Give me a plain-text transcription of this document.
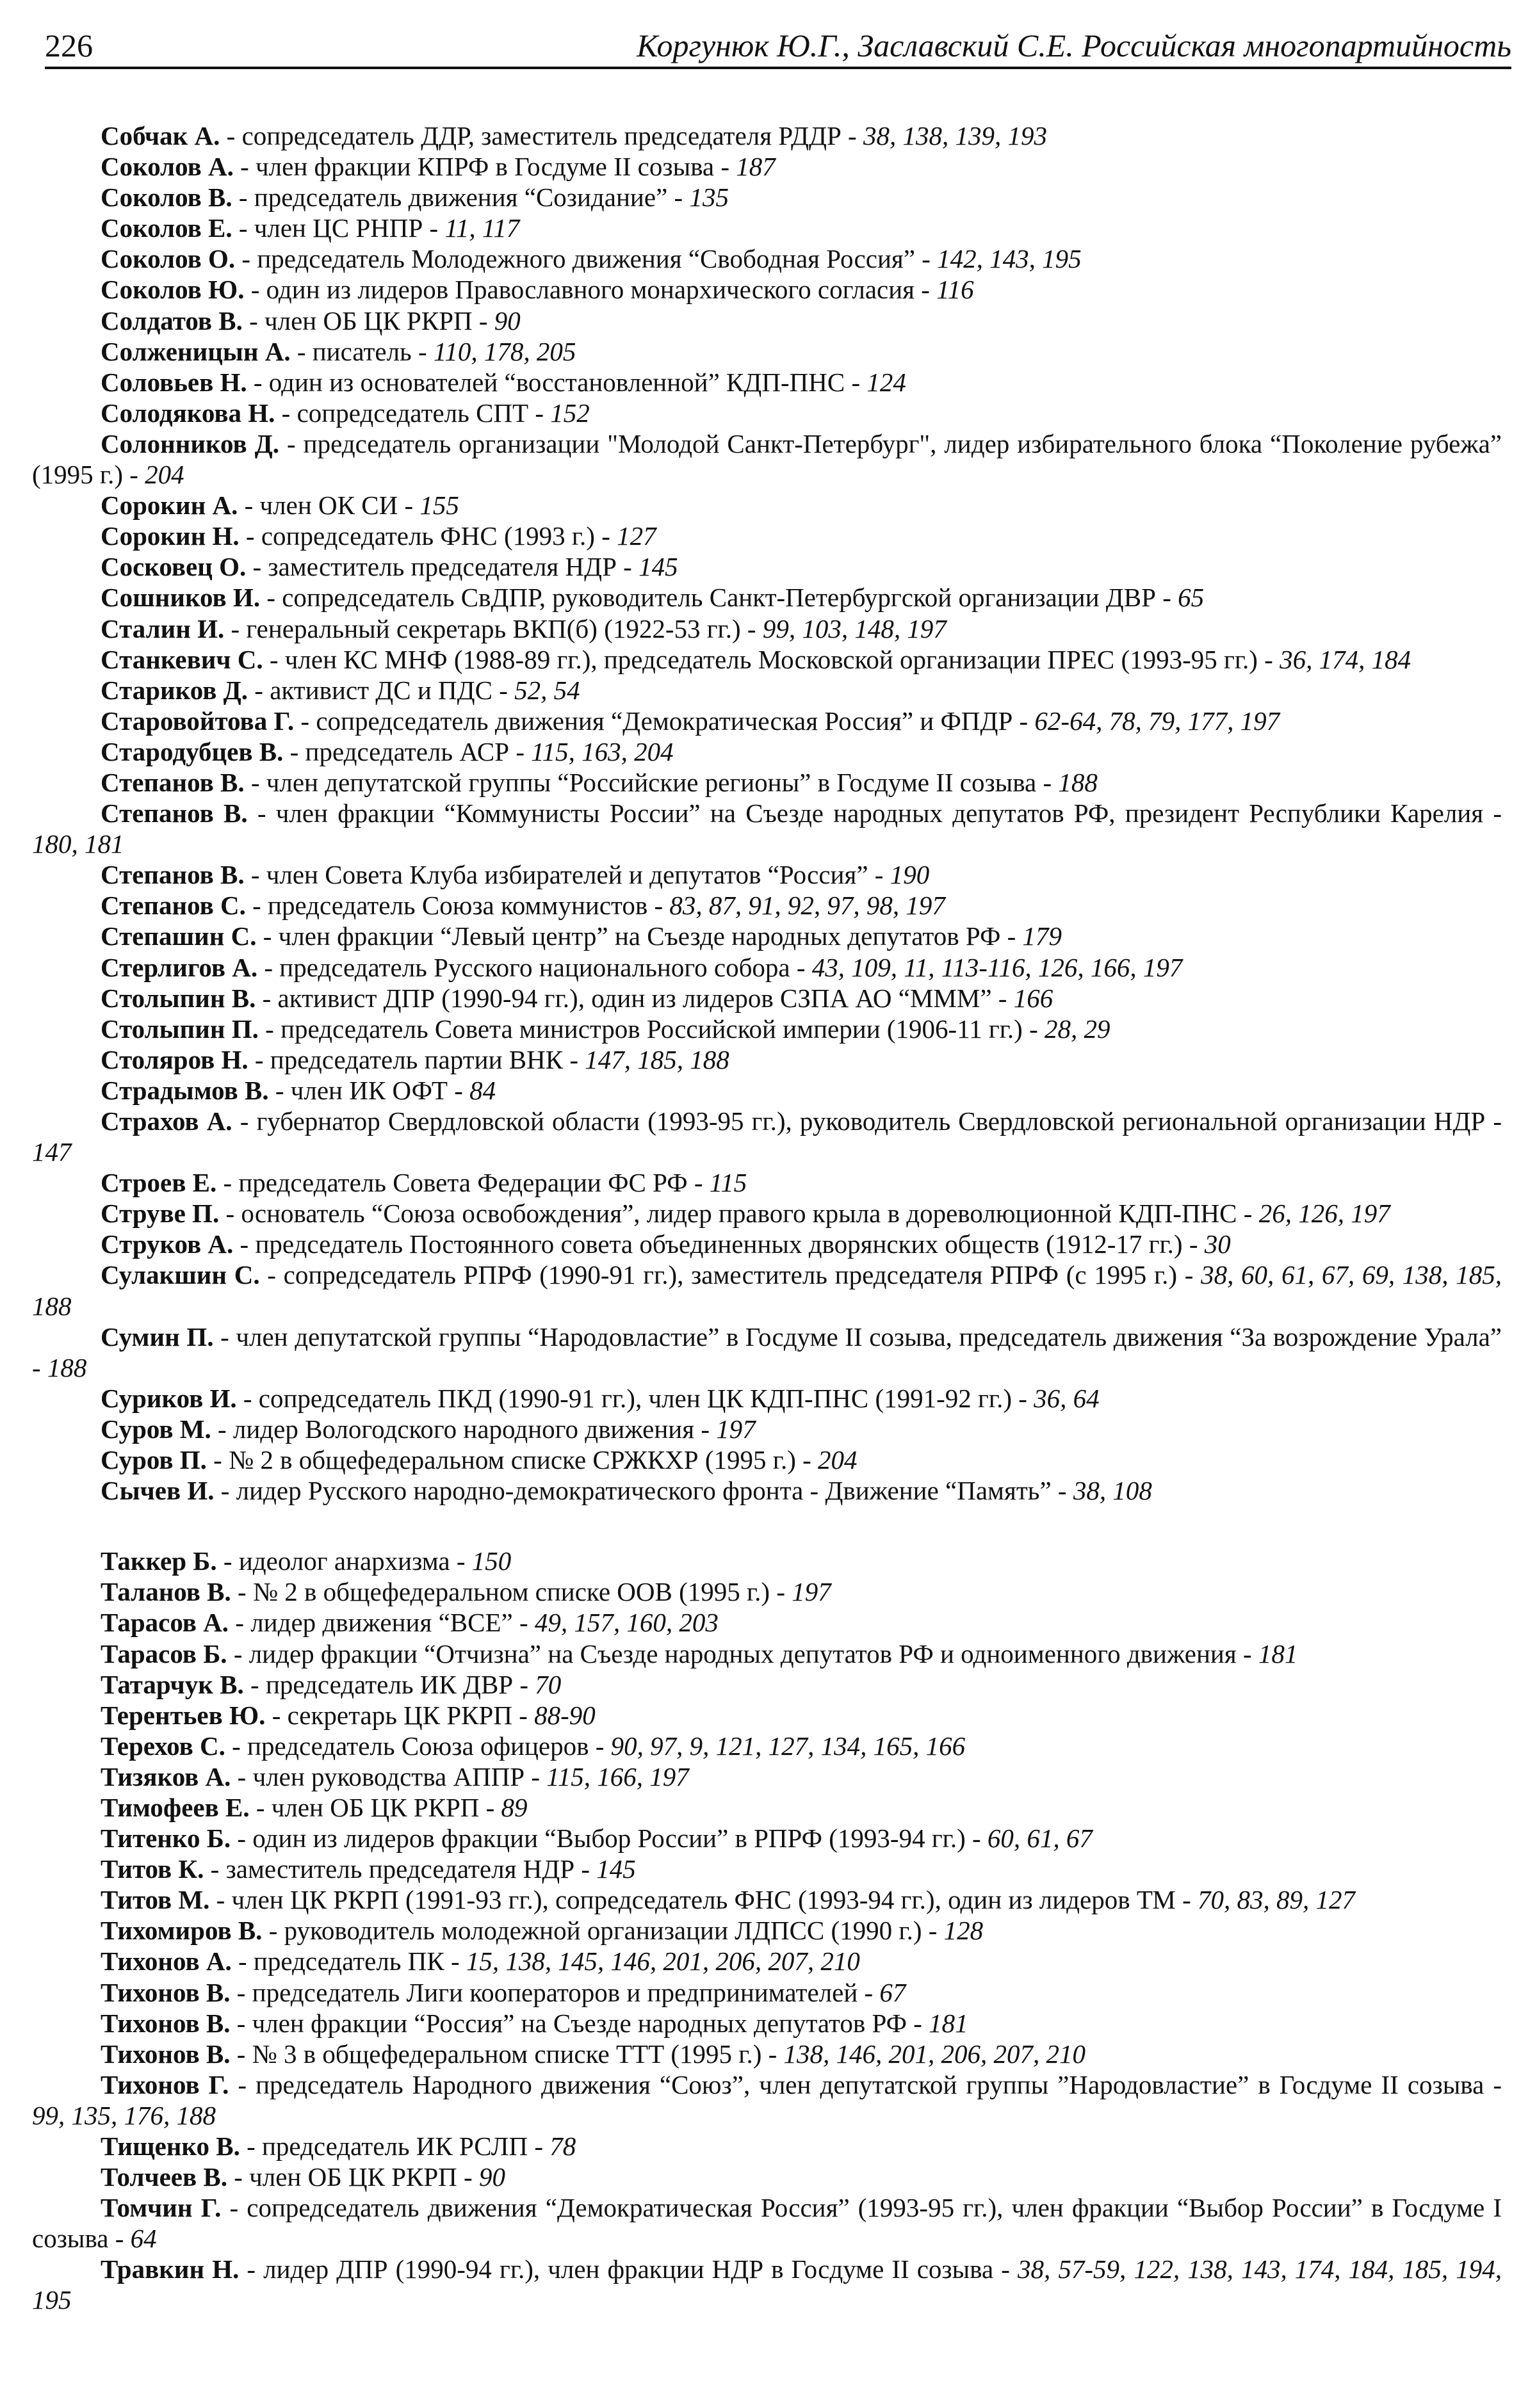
226	Коргунюк Ю.Г., Заславский С.Е. Российская многопартийность

Собчак А. - сопредседатель ДДР, заместитель председателя РДДР - 38, 138, 139, 193

Соколов А. - член фракции КПРФ в Госдуме II созыва - 187

Соколов В. - председатель движения “Созидание” - 135

Соколов Е. - член ЦС РНПР - 11, 117

Соколов О. - председатель Молодежного движения “Свободная Россия” - 142, 143, 195

Соколов Ю. - один из лидеров Православного монархического согласия - 116

Солдатов В. - член ОБ ЦК РКРП - 90

Солженицын А. - писатель - 110, 178, 205

Соловьев Н. - один из основателей “восстановленной” КДП-ПНС - 124

Солодякова Н. - сопредседатель СПТ - 152

Солонников Д. - председатель организации "Молодой Санкт-Петербург", лидер избирательного блока “Поколение рубежа” (1995 г.) - 204

Сорокин А. - член ОК СИ - 155

Сорокин Н. - сопредседатель ФНС (1993 г.) - 127

Сосковец О. - заместитель председателя НДР - 145

Сошников И. - сопредседатель СвДПР, руководитель Санкт-Петербургской организации ДВР - 65

Сталин И. - генеральный секретарь ВКП(б) (1922-53 гг.) - 99, 103, 148, 197

Станкевич С. - член КС МНФ (1988-89 гг.), председатель Московской организации ПРЕС (1993-95 гг.) - 36, 174, 184

Стариков Д. - активист ДС и ПДС - 52, 54

Старовойтова Г. - сопредседатель движения “Демократическая Россия” и ФПДР - 62-64, 78, 79, 177, 197

Стародубцев В. - председатель АСР - 115, 163, 204

Степанов В. - член депутатской группы “Российские регионы” в Госдуме II созыва - 188

Степанов В. - член фракции “Коммунисты России” на Съезде народных депутатов РФ, президент Республики Карелия - 180, 181

Степанов В. - член Совета Клуба избирателей и депутатов “Россия” - 190

Степанов С. - председатель Союза коммунистов - 83, 87, 91, 92, 97, 98, 197

Степашин С. - член фракции “Левый центр” на Съезде народных депутатов РФ - 179

Стерлигов А. - председатель Русского национального собора - 43, 109, 11, 113-116, 126, 166, 197

Столыпин В. - активист ДПР (1990-94 гг.), один из лидеров СЗПА АО “МММ” - 166

Столыпин П. - председатель Совета министров Российской империи (1906-11 гг.) - 28, 29

Столяров Н. - председатель партии ВНК - 147, 185, 188

Страдымов В. - член ИК ОФТ - 84

Страхов А. - губернатор Свердловской области (1993-95 гг.), руководитель Свердловской региональной организации НДР - 147

Строев Е. - председатель Совета Федерации ФС РФ - 115

Струве П. - основатель “Союза освобождения”, лидер правого крыла в дореволюционной КДП-ПНС - 26, 126, 197

Струков А. - председатель Постоянного совета объединенных дворянских обществ (1912-17 гг.) - 30

Сулакшин С. - сопредседатель РПРФ (1990-91 гг.), заместитель председателя РПРФ (с 1995 г.) - 38, 60, 61, 67, 69, 138, 185, 188

Сумин П. - член депутатской группы “Народовластие” в Госдуме II созыва, председатель движения “За возрождение Урала” - 188

Суриков И. - сопредседатель ПКД (1990-91 гг.), член ЦК КДП-ПНС (1991-92 гг.) - 36, 64

Суров М. - лидер Вологодского народного движения - 197

Суров П. - № 2 в общефедеральном списке СРЖКХР (1995 г.) - 204

Сычев И. - лидер Русского народно-демократического фронта - Движение “Память” - 38, 108

Таккер Б. - идеолог анархизма - 150

Таланов В. - № 2 в общефедеральном списке ООВ (1995 г.) - 197

Тарасов А. - лидер движения “ВСЕ” - 49, 157, 160, 203

Тарасов Б. - лидер фракции “Отчизна” на Съезде народных депутатов РФ и одноименного движения - 181

Татарчук В. - председатель ИК ДВР - 70

Терентьев Ю. - секретарь ЦК РКРП - 88-90

Терехов С. - председатель Союза офицеров - 90, 97, 9, 121, 127, 134, 165, 166

Тизяков А. - член руководства АППР - 115, 166, 197

Тимофеев Е. - член ОБ ЦК РКРП - 89

Титенко Б. - один из лидеров фракции “Выбор России” в РПРФ (1993-94 гг.) - 60, 61, 67

Титов К. - заместитель председателя НДР - 145

Титов М. - член ЦК РКРП (1991-93 гг.), сопредседатель ФНС (1993-94 гг.), один из лидеров ТМ - 70, 83, 89, 127

Тихомиров В. - руководитель молодежной организации ЛДПСС (1990 г.) - 128

Тихонов А. - председатель ПК - 15, 138, 145, 146, 201, 206, 207, 210

Тихонов В. - председатель Лиги кооператоров и предпринимателей - 67

Тихонов В. - член фракции “Россия” на Съезде народных депутатов РФ - 181

Тихонов В. - № 3 в общефедеральном списке ТТТ (1995 г.) - 138, 146, 201, 206, 207, 210

Тихонов Г. - председатель Народного движения “Союз”, член депутатской группы ”Народовластие” в Госдуме II созыва - 99, 135, 176, 188

Тищенко В. - председатель ИК РСЛП - 78

Толчеев В. - член ОБ ЦК РКРП - 90

Томчин Г. - сопредседатель движения “Демократическая Россия” (1993-95 гг.), член фракции “Выбор России” в Госдуме I созыва - 64

Травкин Н. - лидер ДПР (1990-94 гг.), член фракции НДР в Госдуме II созыва - 38, 57-59, 122, 138, 143, 174, 184, 185, 194, 195
